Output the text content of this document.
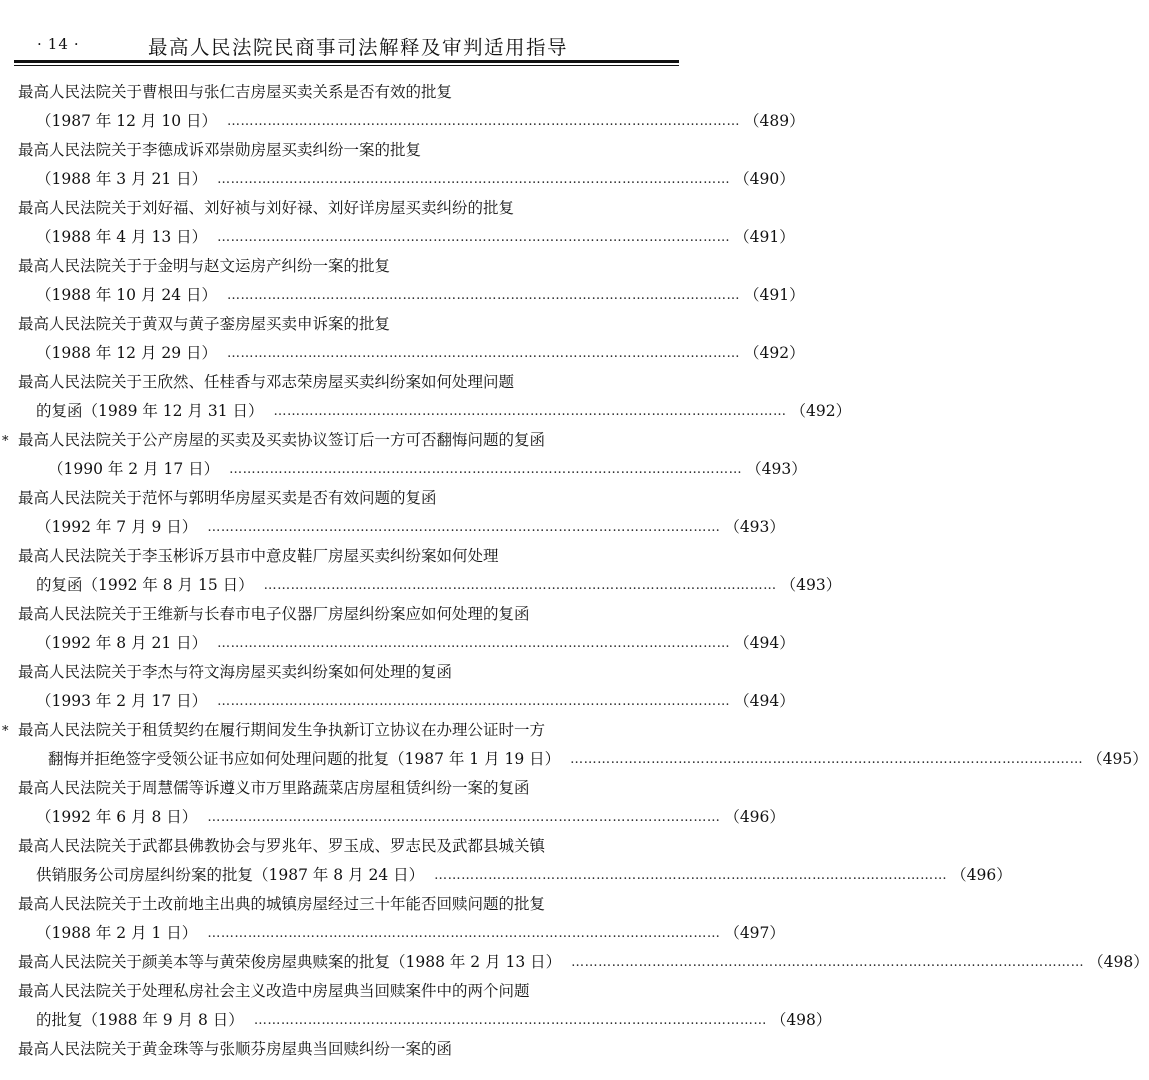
· 14 ·	最高人民法院民商事司法解释及审判适用指导
最高人民法院关于曹根田与张仁吉房屋买卖关系是否有效的批复
（1987 年 12 月 10 日） …………………………………………………………………………………………………… （489）
最高人民法院关于李德成诉邓崇勋房屋买卖纠纷一案的批复
（1988 年 3 月 21 日） …………………………………………………………………………………………………… （490）
最高人民法院关于刘好福、刘好祯与刘好禄、刘好详房屋买卖纠纷的批复
（1988 年 4 月 13 日） …………………………………………………………………………………………………… （491）
最高人民法院关于于金明与赵文运房产纠纷一案的批复
（1988 年 10 月 24 日） …………………………………………………………………………………………………… （491）
最高人民法院关于黄双与黄子銮房屋买卖申诉案的批复
（1988 年 12 月 29 日） …………………………………………………………………………………………………… （492）
最高人民法院关于王欣然、任桂香与邓志荣房屋买卖纠纷案如何处理问题
的复函（1989 年 12 月 31 日） …………………………………………………………………………………………………… （492）
* 最高人民法院关于公产房屋的买卖及买卖协议签订后一方可否翻悔问题的复函
（1990 年 2 月 17 日） …………………………………………………………………………………………………… （493）
最高人民法院关于范怀与郭明华房屋买卖是否有效问题的复函
（1992 年 7 月 9 日） …………………………………………………………………………………………………… （493）
最高人民法院关于李玉彬诉万县市中意皮鞋厂房屋买卖纠纷案如何处理
的复函（1992 年 8 月 15 日） …………………………………………………………………………………………………… （493）
最高人民法院关于王维新与长春市电子仪器厂房屋纠纷案应如何处理的复函
（1992 年 8 月 21 日） …………………………………………………………………………………………………… （494）
最高人民法院关于李杰与符文海房屋买卖纠纷案如何处理的复函
（1993 年 2 月 17 日） …………………………………………………………………………………………………… （494）
* 最高人民法院关于租赁契约在履行期间发生争执新订立协议在办理公证时一方
翻悔并拒绝签字受领公证书应如何处理问题的批复（1987 年 1 月 19 日） …………………………………………………………………………………………………… （495）
最高人民法院关于周慧儒等诉遵义市万里路蔬菜店房屋租赁纠纷一案的复函
（1992 年 6 月 8 日） …………………………………………………………………………………………………… （496）
最高人民法院关于武都县佛教协会与罗兆年、罗玉成、罗志民及武都县城关镇
供销服务公司房屋纠纷案的批复（1987 年 8 月 24 日） …………………………………………………………………………………………………… （496）
最高人民法院关于土改前地主出典的城镇房屋经过三十年能否回赎问题的批复
（1988 年 2 月 1 日） …………………………………………………………………………………………………… （497）
最高人民法院关于颜美本等与黄荣俊房屋典赎案的批复（1988 年 2 月 13 日） …………………………………………………………………………………………………… （498）
最高人民法院关于处理私房社会主义改造中房屋典当回赎案件中的两个问题
的批复（1988 年 9 月 8 日） …………………………………………………………………………………………………… （498）
最高人民法院关于黄金珠等与张顺芬房屋典当回赎纠纷一案的函
